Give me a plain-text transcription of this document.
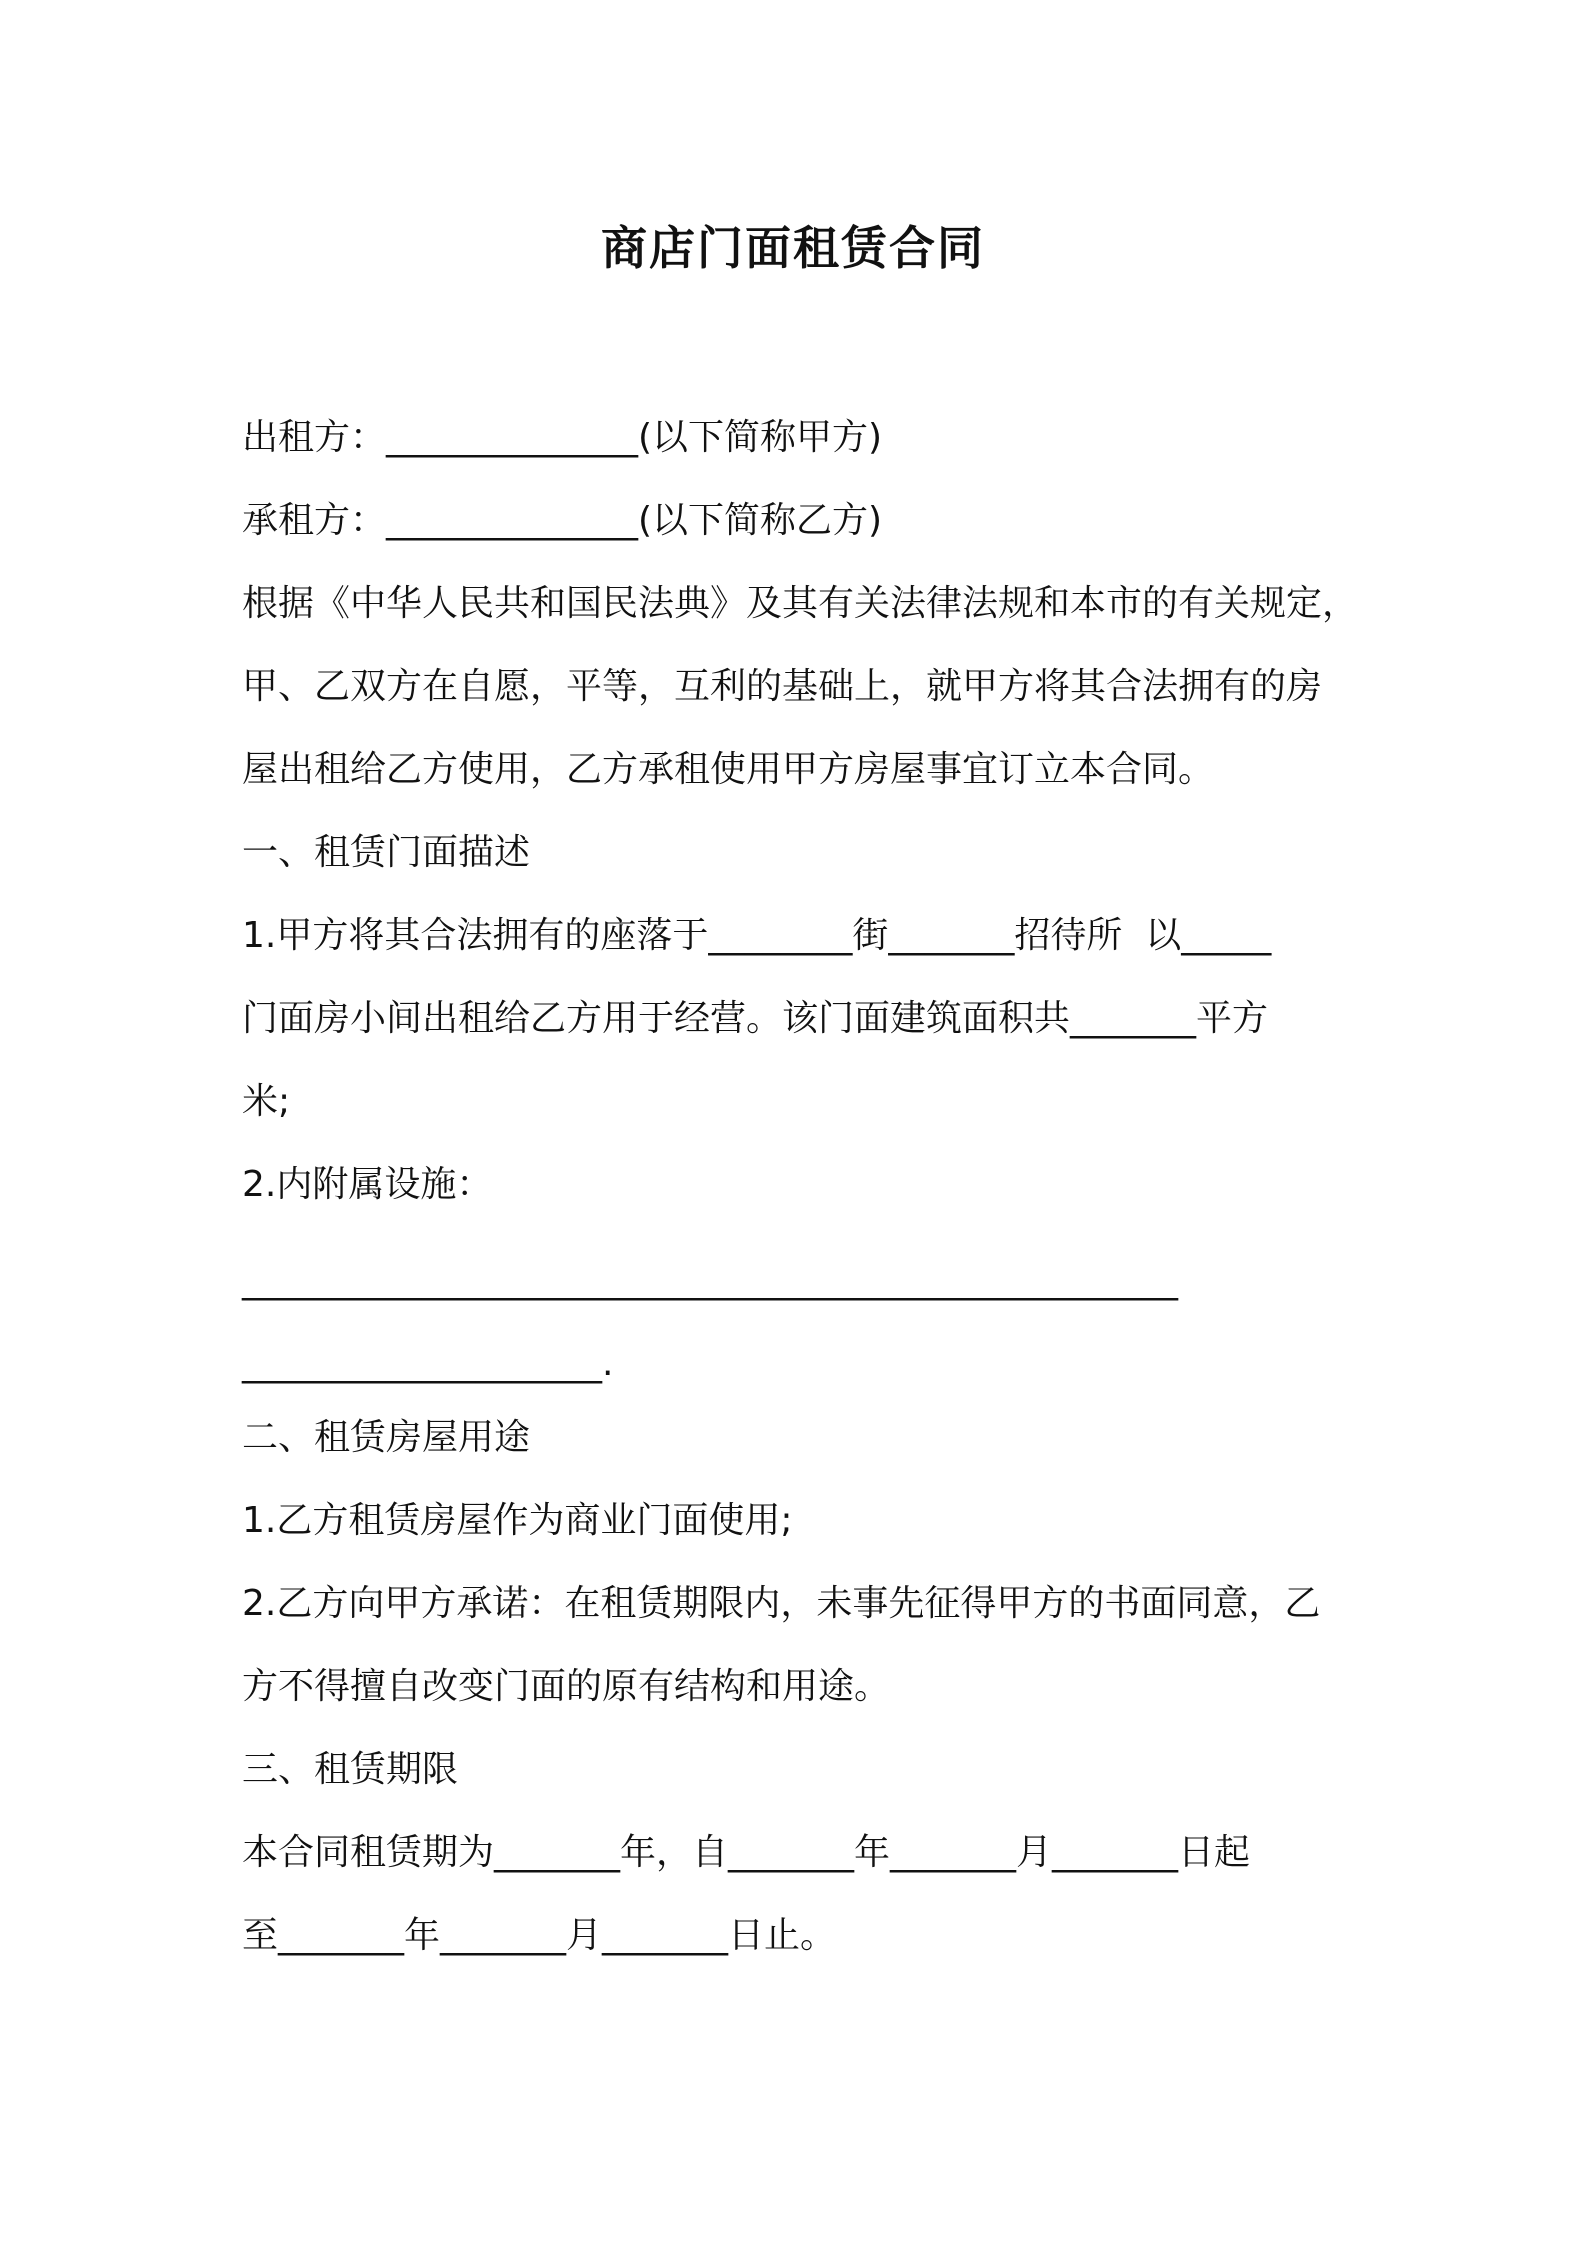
商店门面租赁合同
出租方：______________(以下简称甲方)
承租方：______________(以下简称乙方)
根据《中华人民共和国民法典》及其有关法律法规和本市的有关规定，
甲、乙双方在自愿，平等，互利的基础上，就甲方将其合法拥有的房
屋出租给乙方使用，乙方承租使用甲方房屋事宜订立本合同。
一、租赁门面描述
1.甲方将其合法拥有的座落于________街_______招待所  以_____
门面房小间出租给乙方用于经营。该门面建筑面积共_______平方
米;
2.内附属设施：
____________________________________________________
____________________.
二、租赁房屋用途
1.乙方租赁房屋作为商业门面使用;
2.乙方向甲方承诺：在租赁期限内，未事先征得甲方的书面同意，乙
方不得擅自改变门面的原有结构和用途。
三、租赁期限
本合同租赁期为_______年，自_______年_______月_______日起
至_______年_______月_______日止。
